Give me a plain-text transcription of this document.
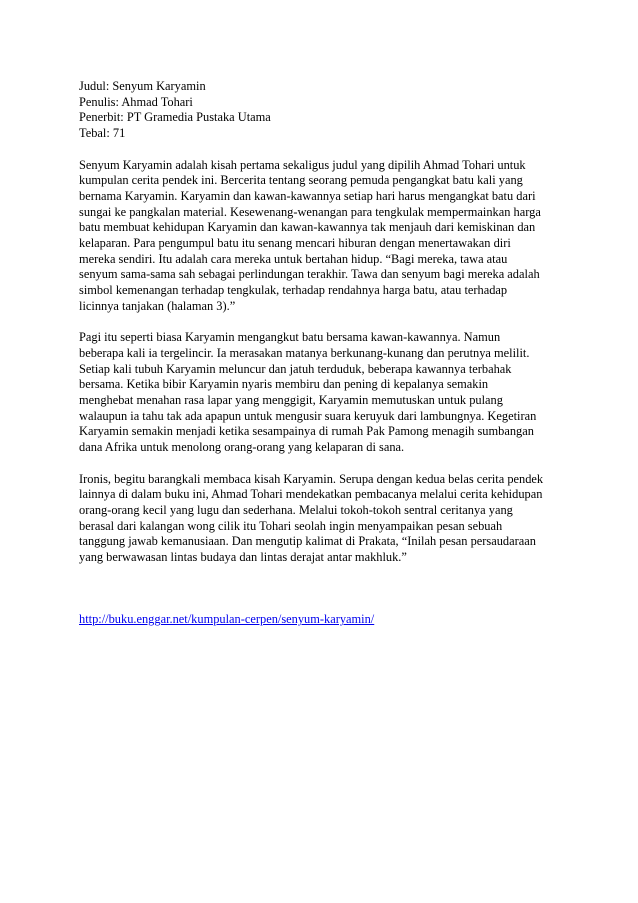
Judul: Senyum Karyamin
Penulis: Ahmad Tohari
Penerbit: PT Gramedia Pustaka Utama
Tebal: 71

Senyum Karyamin adalah kisah pertama sekaligus judul yang dipilih Ahmad Tohari untuk
kumpulan cerita pendek ini. Bercerita tentang seorang pemuda pengangkat batu kali yang
bernama Karyamin. Karyamin dan kawan-kawannya setiap hari harus mengangkat batu dari
sungai ke pangkalan material. Kesewenang-wenangan para tengkulak mempermainkan harga
batu membuat kehidupan Karyamin dan kawan-kawannya tak menjauh dari kemiskinan dan
kelaparan. Para pengumpul batu itu senang mencari hiburan dengan menertawakan diri
mereka sendiri. Itu adalah cara mereka untuk bertahan hidup. “Bagi mereka, tawa atau
senyum sama-sama sah sebagai perlindungan terakhir. Tawa dan senyum bagi mereka adalah
simbol kemenangan terhadap tengkulak, terhadap rendahnya harga batu, atau terhadap
licinnya tanjakan (halaman 3).”

Pagi itu seperti biasa Karyamin mengangkut batu bersama kawan-kawannya. Namun
beberapa kali ia tergelincir. Ia merasakan matanya berkunang-kunang dan perutnya melilit.
Setiap kali tubuh Karyamin meluncur dan jatuh terduduk, beberapa kawannya terbahak
bersama. Ketika bibir Karyamin nyaris membiru dan pening di kepalanya semakin
menghebat menahan rasa lapar yang menggigit, Karyamin memutuskan untuk pulang
walaupun ia tahu tak ada apapun untuk mengusir suara keruyuk dari lambungnya. Kegetiran
Karyamin semakin menjadi ketika sesampainya di rumah Pak Pamong menagih sumbangan
dana Afrika untuk menolong orang-orang yang kelaparan di sana.

Ironis, begitu barangkali membaca kisah Karyamin. Serupa dengan kedua belas cerita pendek
lainnya di dalam buku ini, Ahmad Tohari mendekatkan pembacanya melalui cerita kehidupan
orang-orang kecil yang lugu dan sederhana. Melalui tokoh-tokoh sentral ceritanya yang
berasal dari kalangan wong cilik itu Tohari seolah ingin menyampaikan pesan sebuah
tanggung jawab kemanusiaan. Dan mengutip kalimat di Prakata, “Inilah pesan persaudaraan
yang berwawasan lintas budaya dan lintas derajat antar makhluk.”

http://buku.enggar.net/kumpulan-cerpen/senyum-karyamin/
